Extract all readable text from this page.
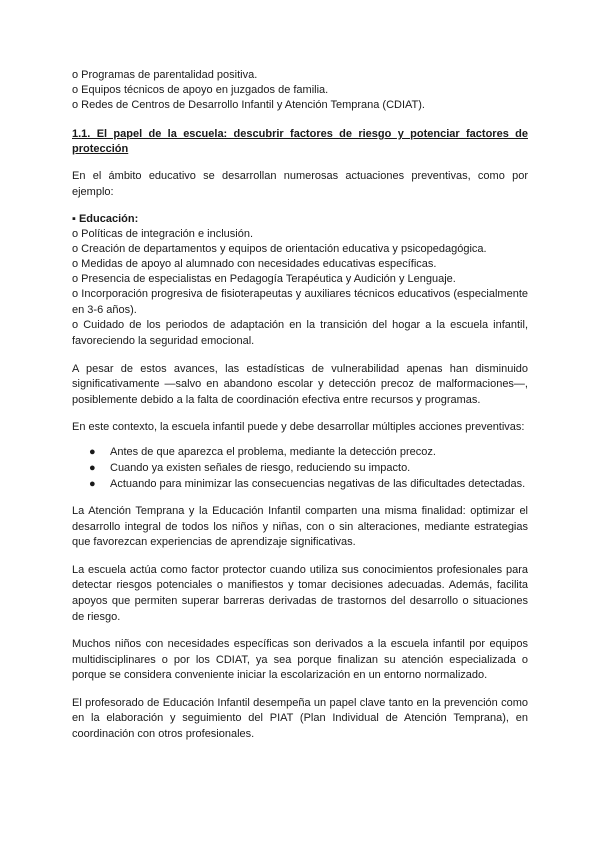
o Programas de parentalidad positiva.

o Equipos técnicos de apoyo en juzgados de familia.

o Redes de Centros de Desarrollo Infantil y Atención Temprana (CDIAT).

1.1. El papel de la escuela: descubrir factores de riesgo y potenciar factores de protección

En el ámbito educativo se desarrollan numerosas actuaciones preventivas, como por ejemplo:

▪ Educación:

o Políticas de integración e inclusión.

o Creación de departamentos y equipos de orientación educativa y psicopedagógica.

o Medidas de apoyo al alumnado con necesidades educativas específicas.

o Presencia de especialistas en Pedagogía Terapéutica y Audición y Lenguaje.

o Incorporación progresiva de fisioterapeutas y auxiliares técnicos educativos (especialmente en 3-6 años).

o Cuidado de los periodos de adaptación en la transición del hogar a la escuela infantil, favoreciendo la seguridad emocional.

A pesar de estos avances, las estadísticas de vulnerabilidad apenas han disminuido significativamente —salvo en abandono escolar y detección precoz de malformaciones—, posiblemente debido a la falta de coordinación efectiva entre recursos y programas.

En este contexto, la escuela infantil puede y debe desarrollar múltiples acciones preventivas:

● Antes de que aparezca el problema, mediante la detección precoz.
● Cuando ya existen señales de riesgo, reduciendo su impacto.
● Actuando para minimizar las consecuencias negativas de las dificultades detectadas.

La Atención Temprana y la Educación Infantil comparten una misma finalidad: optimizar el desarrollo integral de todos los niños y niñas, con o sin alteraciones, mediante estrategias que favorezcan experiencias de aprendizaje significativas.

La escuela actúa como factor protector cuando utiliza sus conocimientos profesionales para detectar riesgos potenciales o manifiestos y tomar decisiones adecuadas. Además, facilita apoyos que permiten superar barreras derivadas de trastornos del desarrollo o situaciones de riesgo.

Muchos niños con necesidades específicas son derivados a la escuela infantil por equipos multidisciplinares o por los CDIAT, ya sea porque finalizan su atención especializada o porque se considera conveniente iniciar la escolarización en un entorno normalizado.

El profesorado de Educación Infantil desempeña un papel clave tanto en la prevención como en la elaboración y seguimiento del PIAT (Plan Individual de Atención Temprana), en coordinación con otros profesionales.
